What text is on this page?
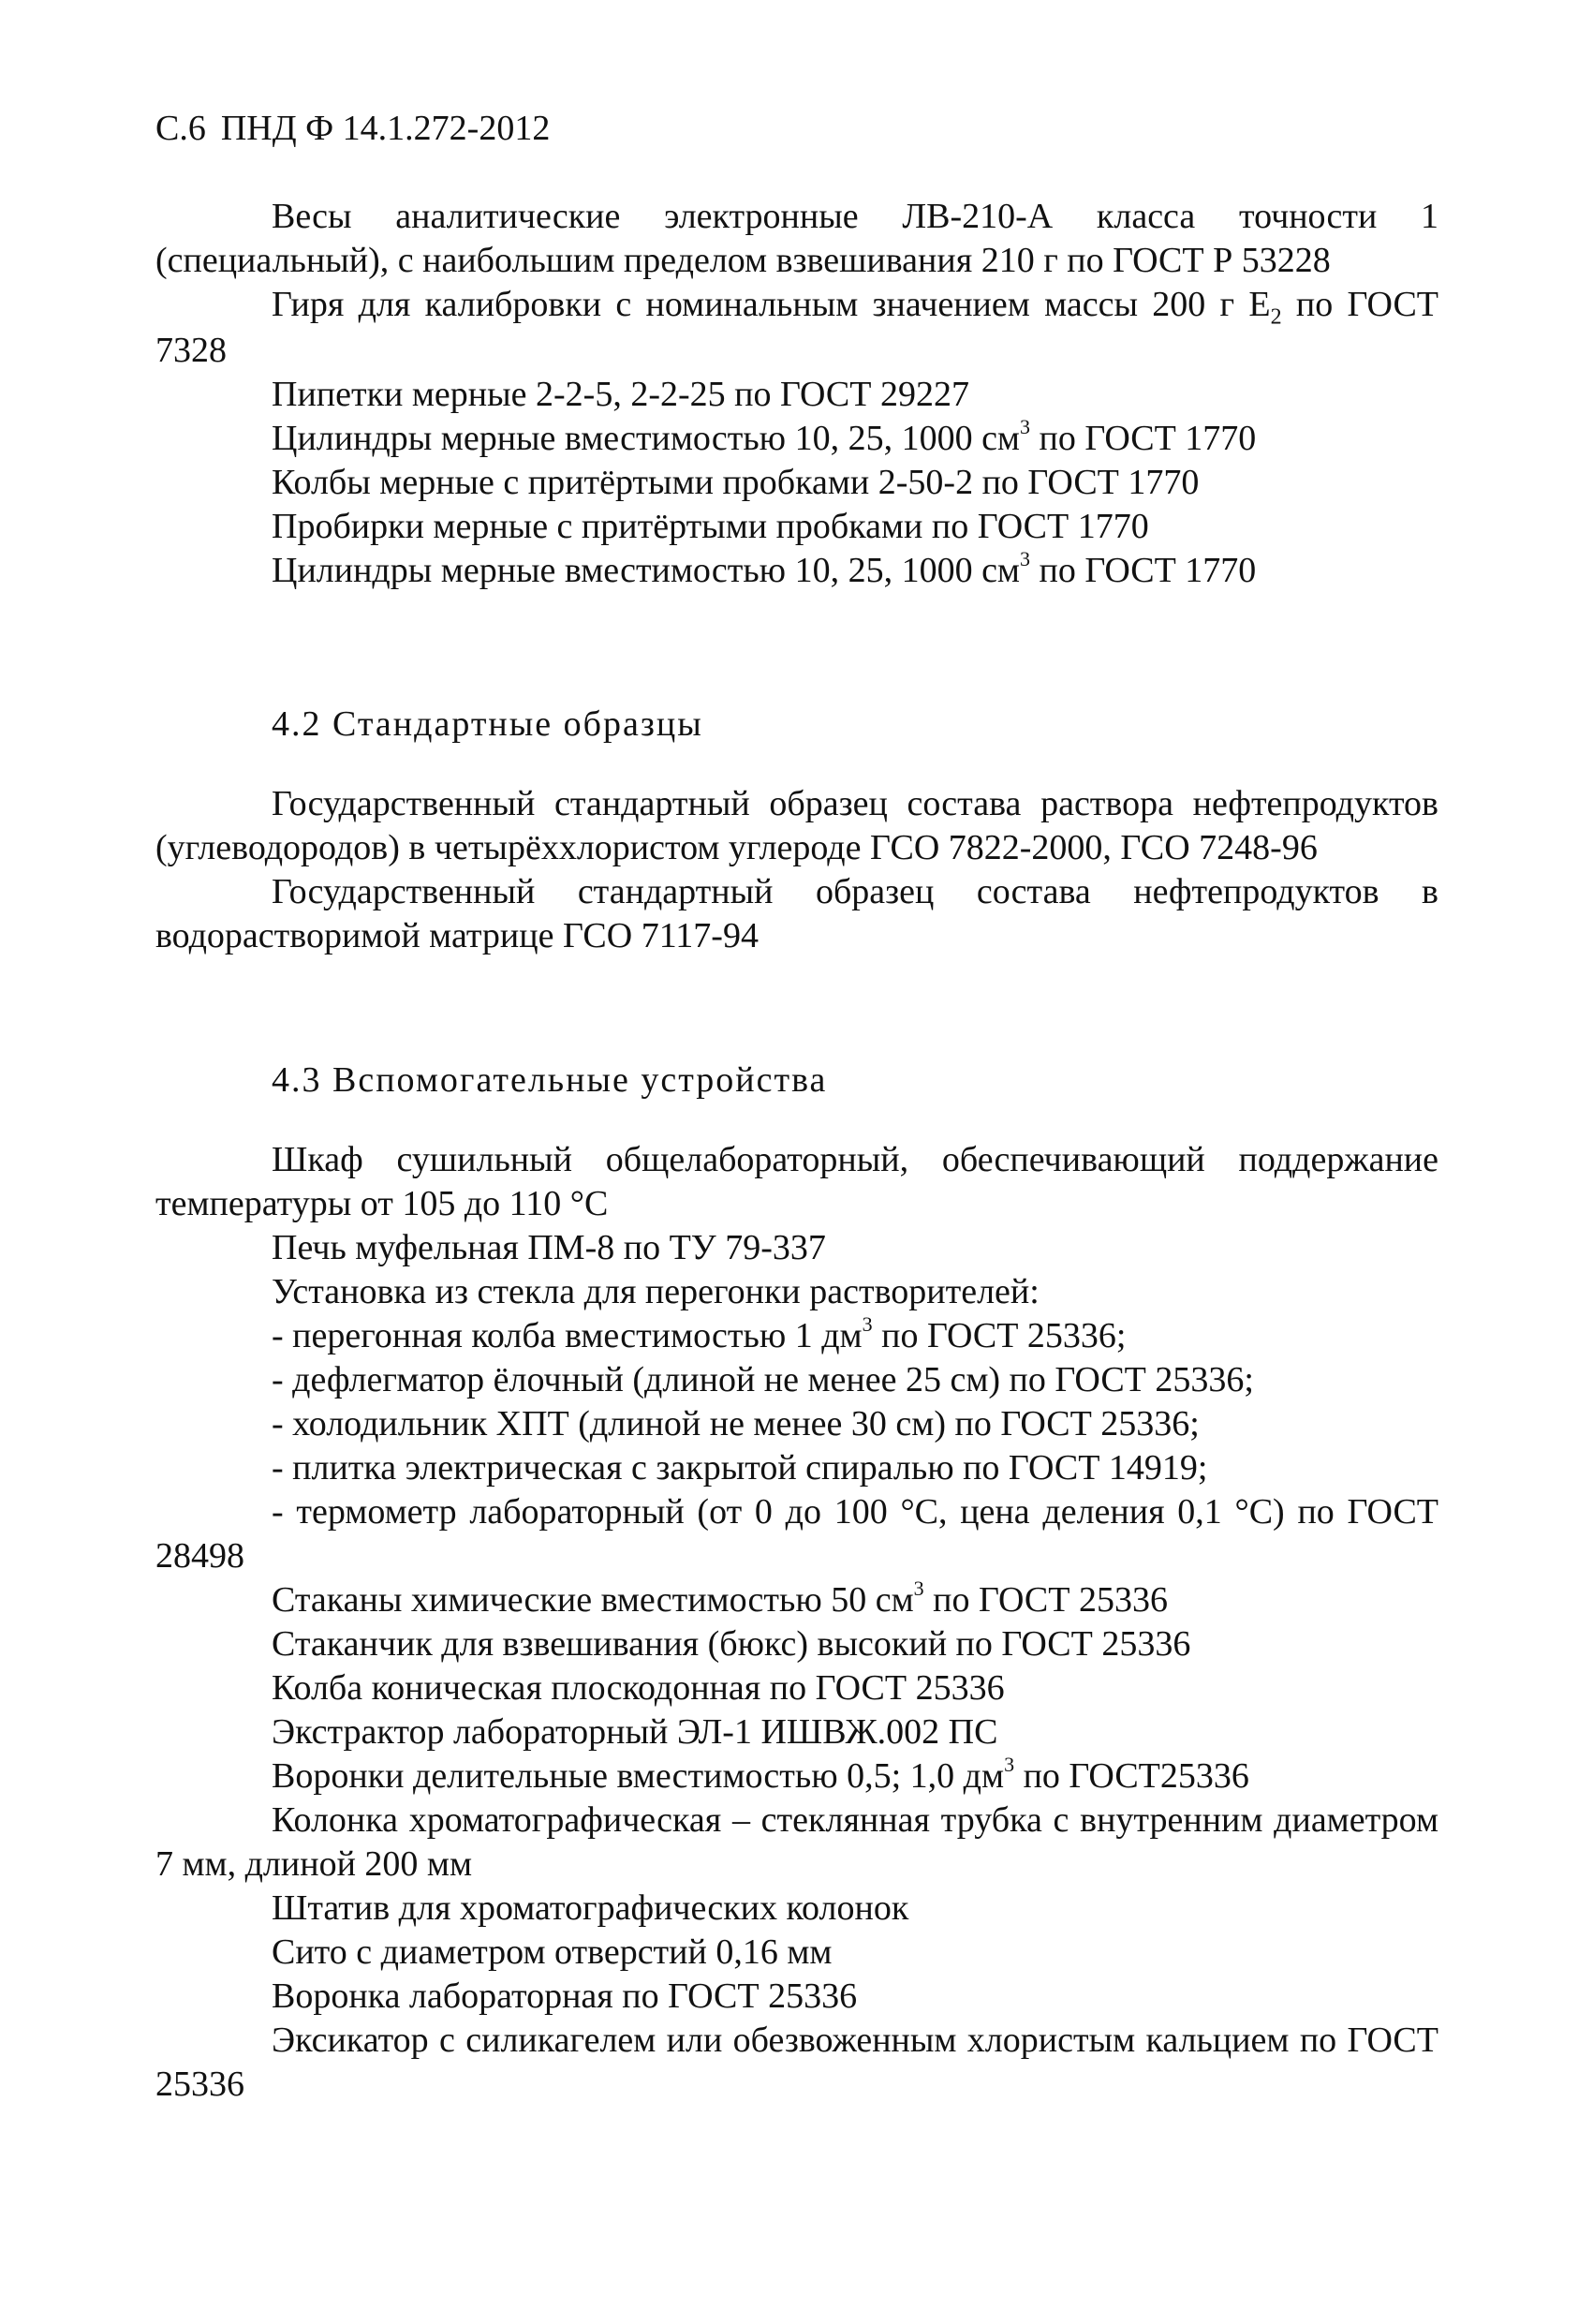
С.6 ПНД Ф 14.1.272-2012

Весы аналитические электронные ЛВ-210-А класса точности 1 (специальный), с наибольшим пределом взвешивания 210 г по ГОСТ Р 53228

Гиря для калибровки с номинальным значением массы 200 г $Е_2$ по ГОСТ 7328

Пипетки мерные 2-2-5, 2-2-25 по ГОСТ 29227

Цилиндры мерные вместимостью 10, 25, 1000 $см^3$ по ГОСТ 1770

Колбы мерные с притёртыми пробками 2-50-2 по ГОСТ 1770

Пробирки мерные с притёртыми пробками по ГОСТ 1770

Цилиндры мерные вместимостью 10, 25, 1000 $см^3$ по ГОСТ 1770

4.2 Стандартные образцы

Государственный стандартный образец состава раствора нефтепродуктов (углеводородов) в четырёххлористом углероде ГСО 7822-2000, ГСО 7248-96

Государственный стандартный образец состава нефтепродуктов в водорастворимой матрице ГСО 7117-94

4.3 Вспомогательные устройства

Шкаф сушильный общелабораторный, обеспечивающий поддержание температуры от 105 до 110 °С

Печь муфельная ПМ-8 по ТУ 79-337

Установка из стекла для перегонки растворителей:

- перегонная колба вместимостью 1 $дм^3$ по ГОСТ 25336;

- дефлегматор ёлочный (длиной не менее 25 см) по ГОСТ 25336;

- холодильник ХПТ (длиной не менее 30 см) по ГОСТ 25336;

- плитка электрическая с закрытой спиралью по ГОСТ 14919;

- термометр лабораторный (от 0 до 100 °С, цена деления 0,1 °С) по ГОСТ 28498

Стаканы химические вместимостью 50 $см^3$ по ГОСТ 25336

Стаканчик для взвешивания (бюкс) высокий по ГОСТ 25336

Колба коническая плоскодонная по ГОСТ 25336

Экстрактор лабораторный ЭЛ-1 ИШВЖ.002 ПС

Воронки делительные вместимостью 0,5; 1,0 $дм^3$ по ГОСТ25336

Колонка хроматографическая – стеклянная трубка с внутренним диаметром 7 мм, длиной 200 мм

Штатив для хроматографических колонок

Сито с диаметром отверстий 0,16 мм

Воронка лабораторная по ГОСТ 25336

Эксикатор с силикагелем или обезвоженным хлористым кальцием по ГОСТ 25336
